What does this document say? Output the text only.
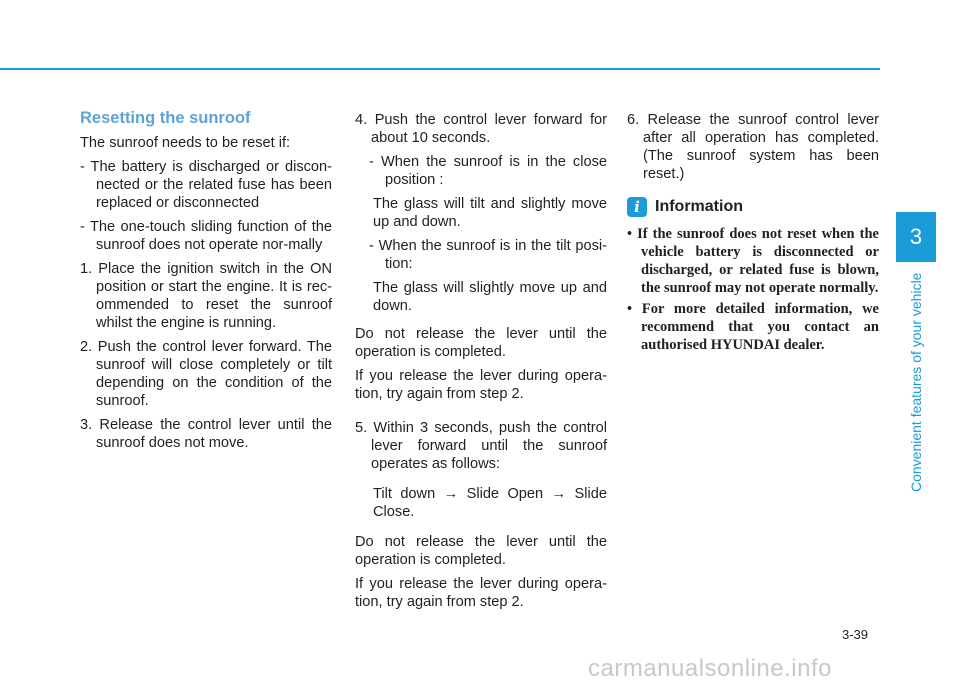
Resetting the sunroof

The sunroof needs to be reset if:

- The battery is discharged or discon-nected or the related fuse has been replaced or disconnected

- The one-touch sliding function of the sunroof does not operate nor-mally

1. Place the ignition switch in the ON position or start the engine. It is rec-ommended to reset the sunroof whilst the engine is running.

2. Push the control lever forward. The sunroof will close completely or tilt depending on the condition of the sunroof.

3. Release the control lever until the sunroof does not move.

4. Push the control lever forward for about 10 seconds.

- When the sunroof is in the close position :

The glass will tilt and slightly move up and down.

- When the sunroof is in the tilt posi-tion:

The glass will slightly move up and down.

Do not release the lever until the operation is completed.

If you release the lever during opera-tion, try again from step 2.

5. Within 3 seconds, push the control lever forward until the sunroof operates as follows:

Tilt down → Slide Open → Slide Close.

Do not release the lever until the operation is completed.

If you release the lever during opera-tion, try again from step 2.

6. Release the sunroof control lever after all operation has completed. (The sunroof system has been reset.)

i Information

• If the sunroof does not reset when the vehicle battery is disconnected or discharged, or related fuse is blown, the sunroof may not operate normally.

• For more detailed information, we recommend that you contact an authorised HYUNDAI dealer.

3
Convenient features of your vehicle
3-39
carmanualsonline.info
